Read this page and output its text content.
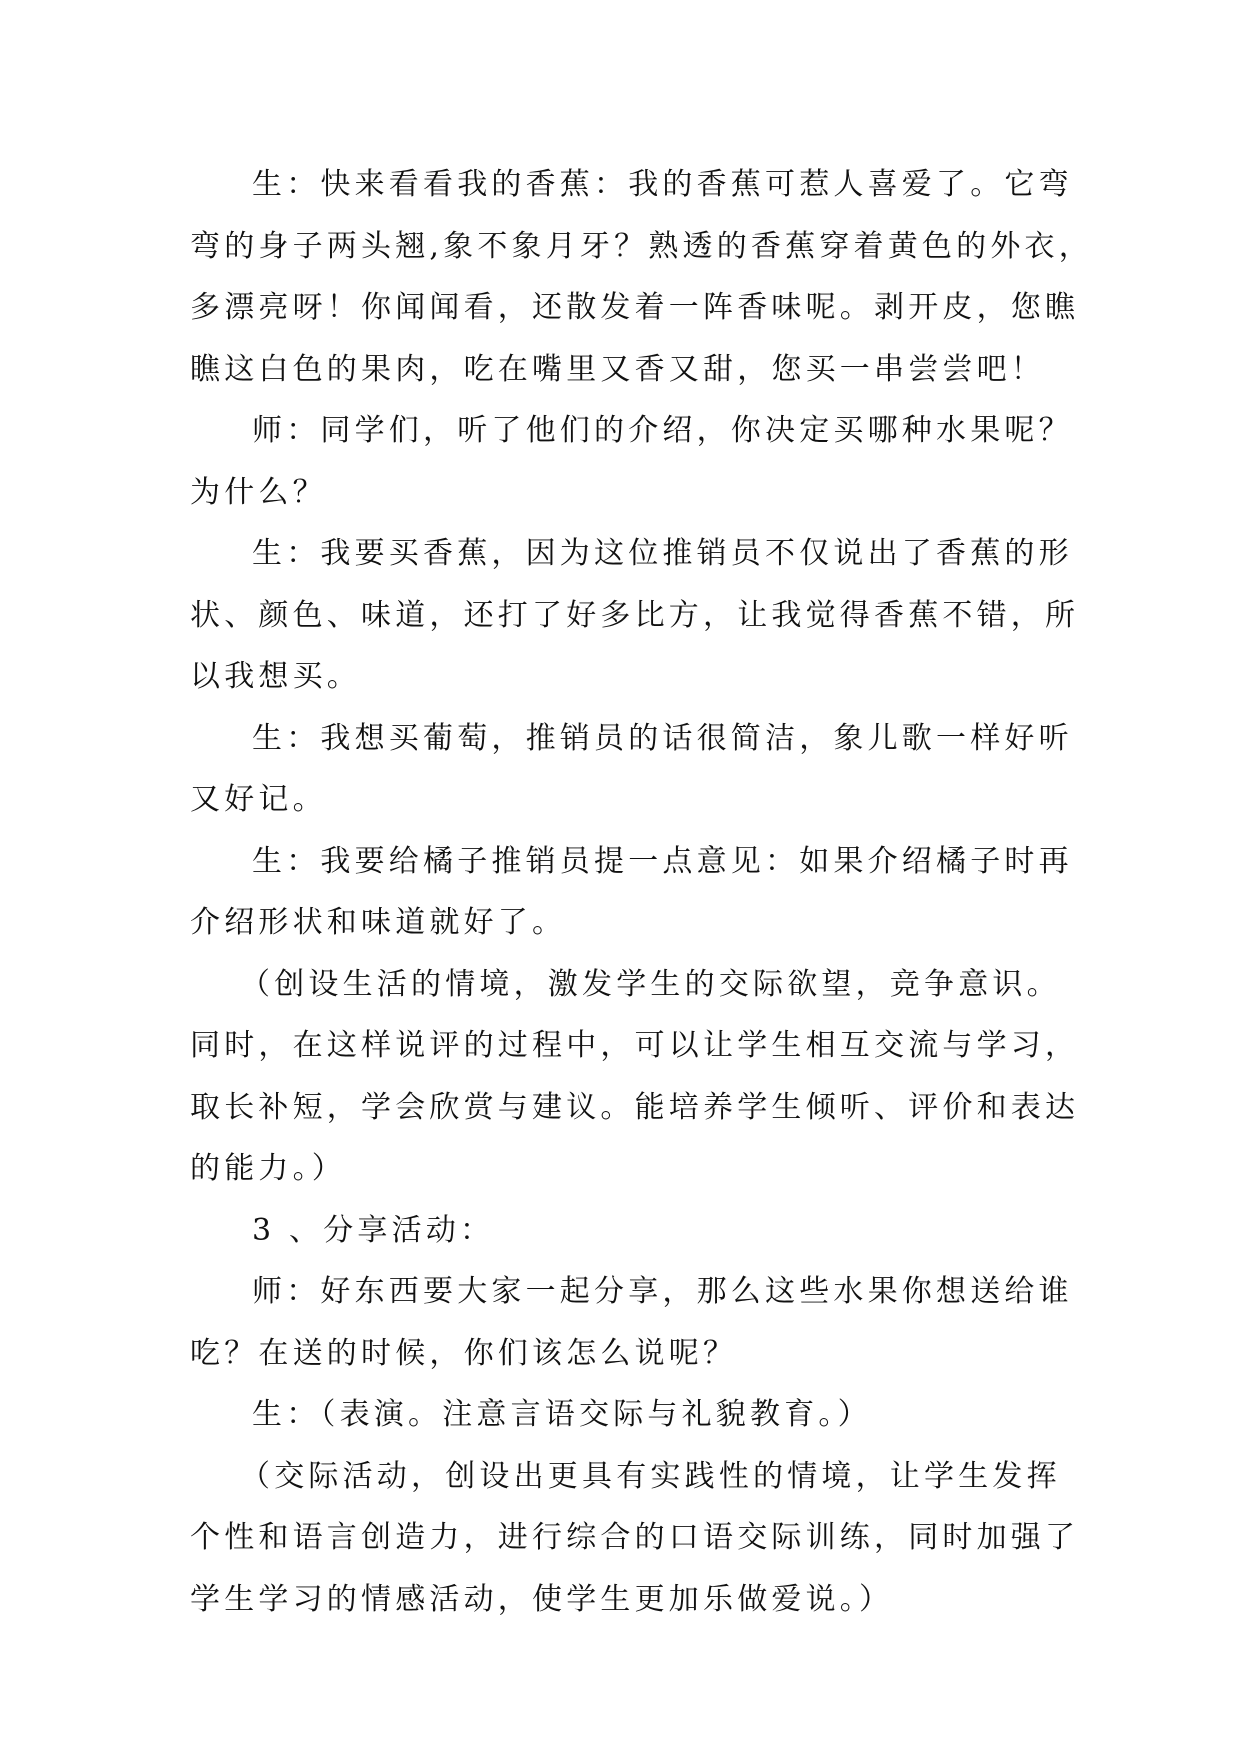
生：快来看看我的香蕉：我的香蕉可惹人喜爱了。它弯
弯的身子两头翘,象不象月牙？熟透的香蕉穿着黄色的外衣，
多漂亮呀！你闻闻看，还散发着一阵香味呢。剥开皮，您瞧
瞧这白色的果肉，吃在嘴里又香又甜，您买一串尝尝吧！
师：同学们，听了他们的介绍，你决定买哪种水果呢？
为什么？
生：我要买香蕉，因为这位推销员不仅说出了香蕉的形
状、颜色、味道，还打了好多比方，让我觉得香蕉不错，所
以我想买。
生：我想买葡萄，推销员的话很简洁，象儿歌一样好听
又好记。
生：我要给橘子推销员提一点意见：如果介绍橘子时再
介绍形状和味道就好了。
（创设生活的情境，激发学生的交际欲望，竞争意识。
同时，在这样说评的过程中，可以让学生相互交流与学习，
取长补短，学会欣赏与建议。能培养学生倾听、评价和表达
的能力。）
3 、分享活动：
师：好东西要大家一起分享，那么这些水果你想送给谁
吃？在送的时候，你们该怎么说呢？
生：（表演。注意言语交际与礼貌教育。）
（交际活动，创设出更具有实践性的情境，让学生发挥
个性和语言创造力，进行综合的口语交际训练，同时加强了
学生学习的情感活动，使学生更加乐做爱说。）
